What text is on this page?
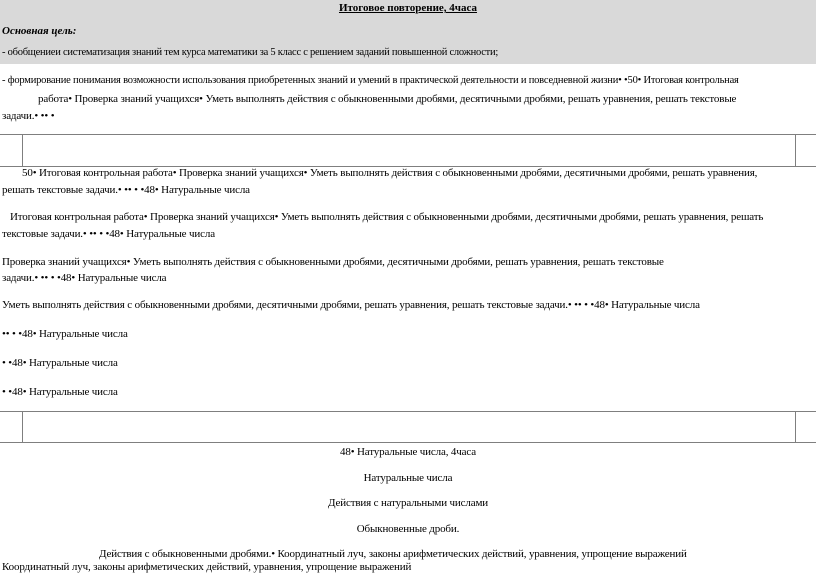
Итоговое повторение, 4часа
Основная цель:
- обобщениеи систематизация знаний тем курса математики за 5 класс с решением заданий повышенной сложности;
- формирование понимания возможности использования приобретенных знаний и умений в практической деятельности и повседневной жизни• •50• Итоговая контрольная
работа• Проверка знаний учащихся• Уметь выполнять действия с обыкновенными дробями, десятичными дробями, решать уравнения, решать текстовые
задачи.• •• •
50• Итоговая контрольная работа• Проверка знаний учащихся• Уметь выполнять действия с обыкновенными дробями, десятичными дробями, решать уравнения,
решать текстовые задачи.• •• • •48• Натуральные числа
Итоговая контрольная работа• Проверка знаний учащихся• Уметь выполнять действия с обыкновенными дробями, десятичными дробями, решать уравнения, решать
текстовые задачи.• •• • •48• Натуральные числа
Проверка знаний учащихся• Уметь выполнять действия с обыкновенными дробями, десятичными дробями, решать уравнения, решать текстовые
задачи.• •• • •48• Натуральные числа
Уметь выполнять действия с обыкновенными дробями, десятичными дробями, решать уравнения, решать текстовые задачи.• •• • •48• Натуральные числа
•• • •48• Натуральные числа
• •48• Натуральные числа
• •48• Натуральные числа
48• Натуральные числа, 4часа
Натуральные числа
Действия с натуральными числами
Обыкновенные дроби.
Действия с обыкновенными дробями.• Координатный луч, законы арифметических действий, уравнения, упрощение выражений
Координатный луч, законы арифметических действий, уравнения, упрощение выражений
